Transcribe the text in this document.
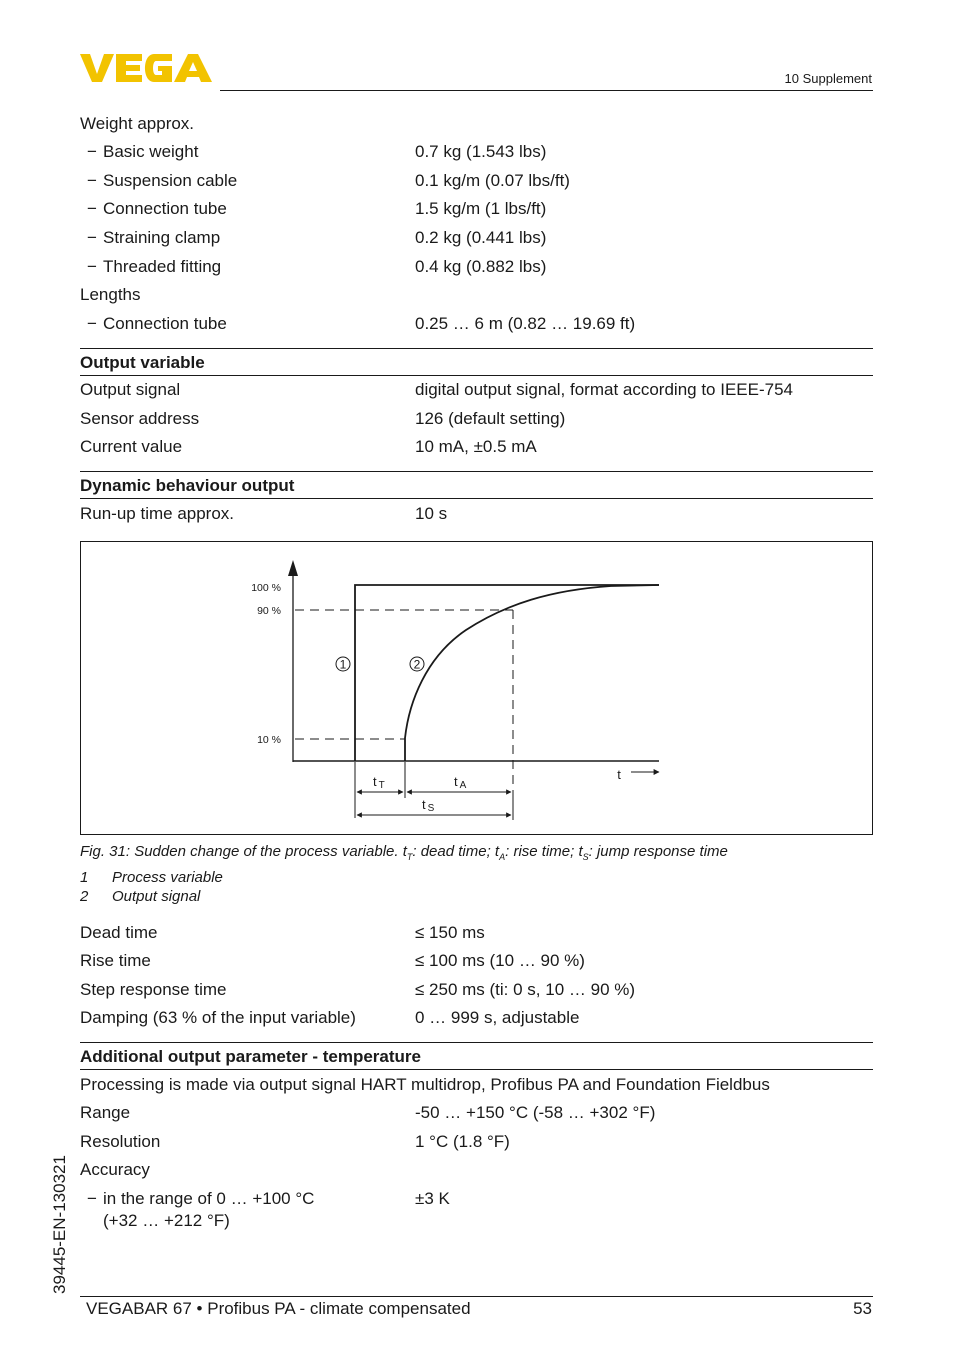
10 Supplement
Weight approx.
− Basic weight	0.7 kg (1.543 lbs)
− Suspension cable	0.1 kg/m (0.07 lbs/ft)
− Connection tube	1.5 kg/m (1 lbs/ft)
− Straining clamp	0.2 kg (0.441 lbs)
− Threaded fitting	0.4 kg (0.882 lbs)
Lengths
− Connection tube	0.25 … 6 m (0.82 … 19.69 ft)
Output variable
Output signal	digital output signal, format according to IEEE-754
Sensor address	126 (default setting)
Current value	10 mA, ±0.5 mA
Dynamic behaviour output
Run-up time approx.	10 s
100 %
90 %
10 %
1	2
t
t T	t A
t S
Fig. 31: Sudden change of the process variable. $t_T$: dead time; $t_A$: rise time; $t_S$: jump response time
1 Process variable
2 Output signal
Dead time	≤ 150 ms
Rise time	≤ 100 ms (10 … 90 %)
Step response time	≤ 250 ms (ti: 0 s, 10 … 90 %)
Damping (63 % of the input variable)	0 … 999 s, adjustable
Additional output parameter - temperature
Processing is made via output signal HART multidrop, Profibus PA and Foundation Fieldbus
Range	-50 … +150 °C (-58 … +302 °F)
Resolution	1 °C (1.8 °F)
Accuracy
− in the range of 0 … +100 °C	±3 K
(+32 … +212 °F)
39445-EN-130321
VEGABAR 67 • Profibus PA - climate compensated	53
